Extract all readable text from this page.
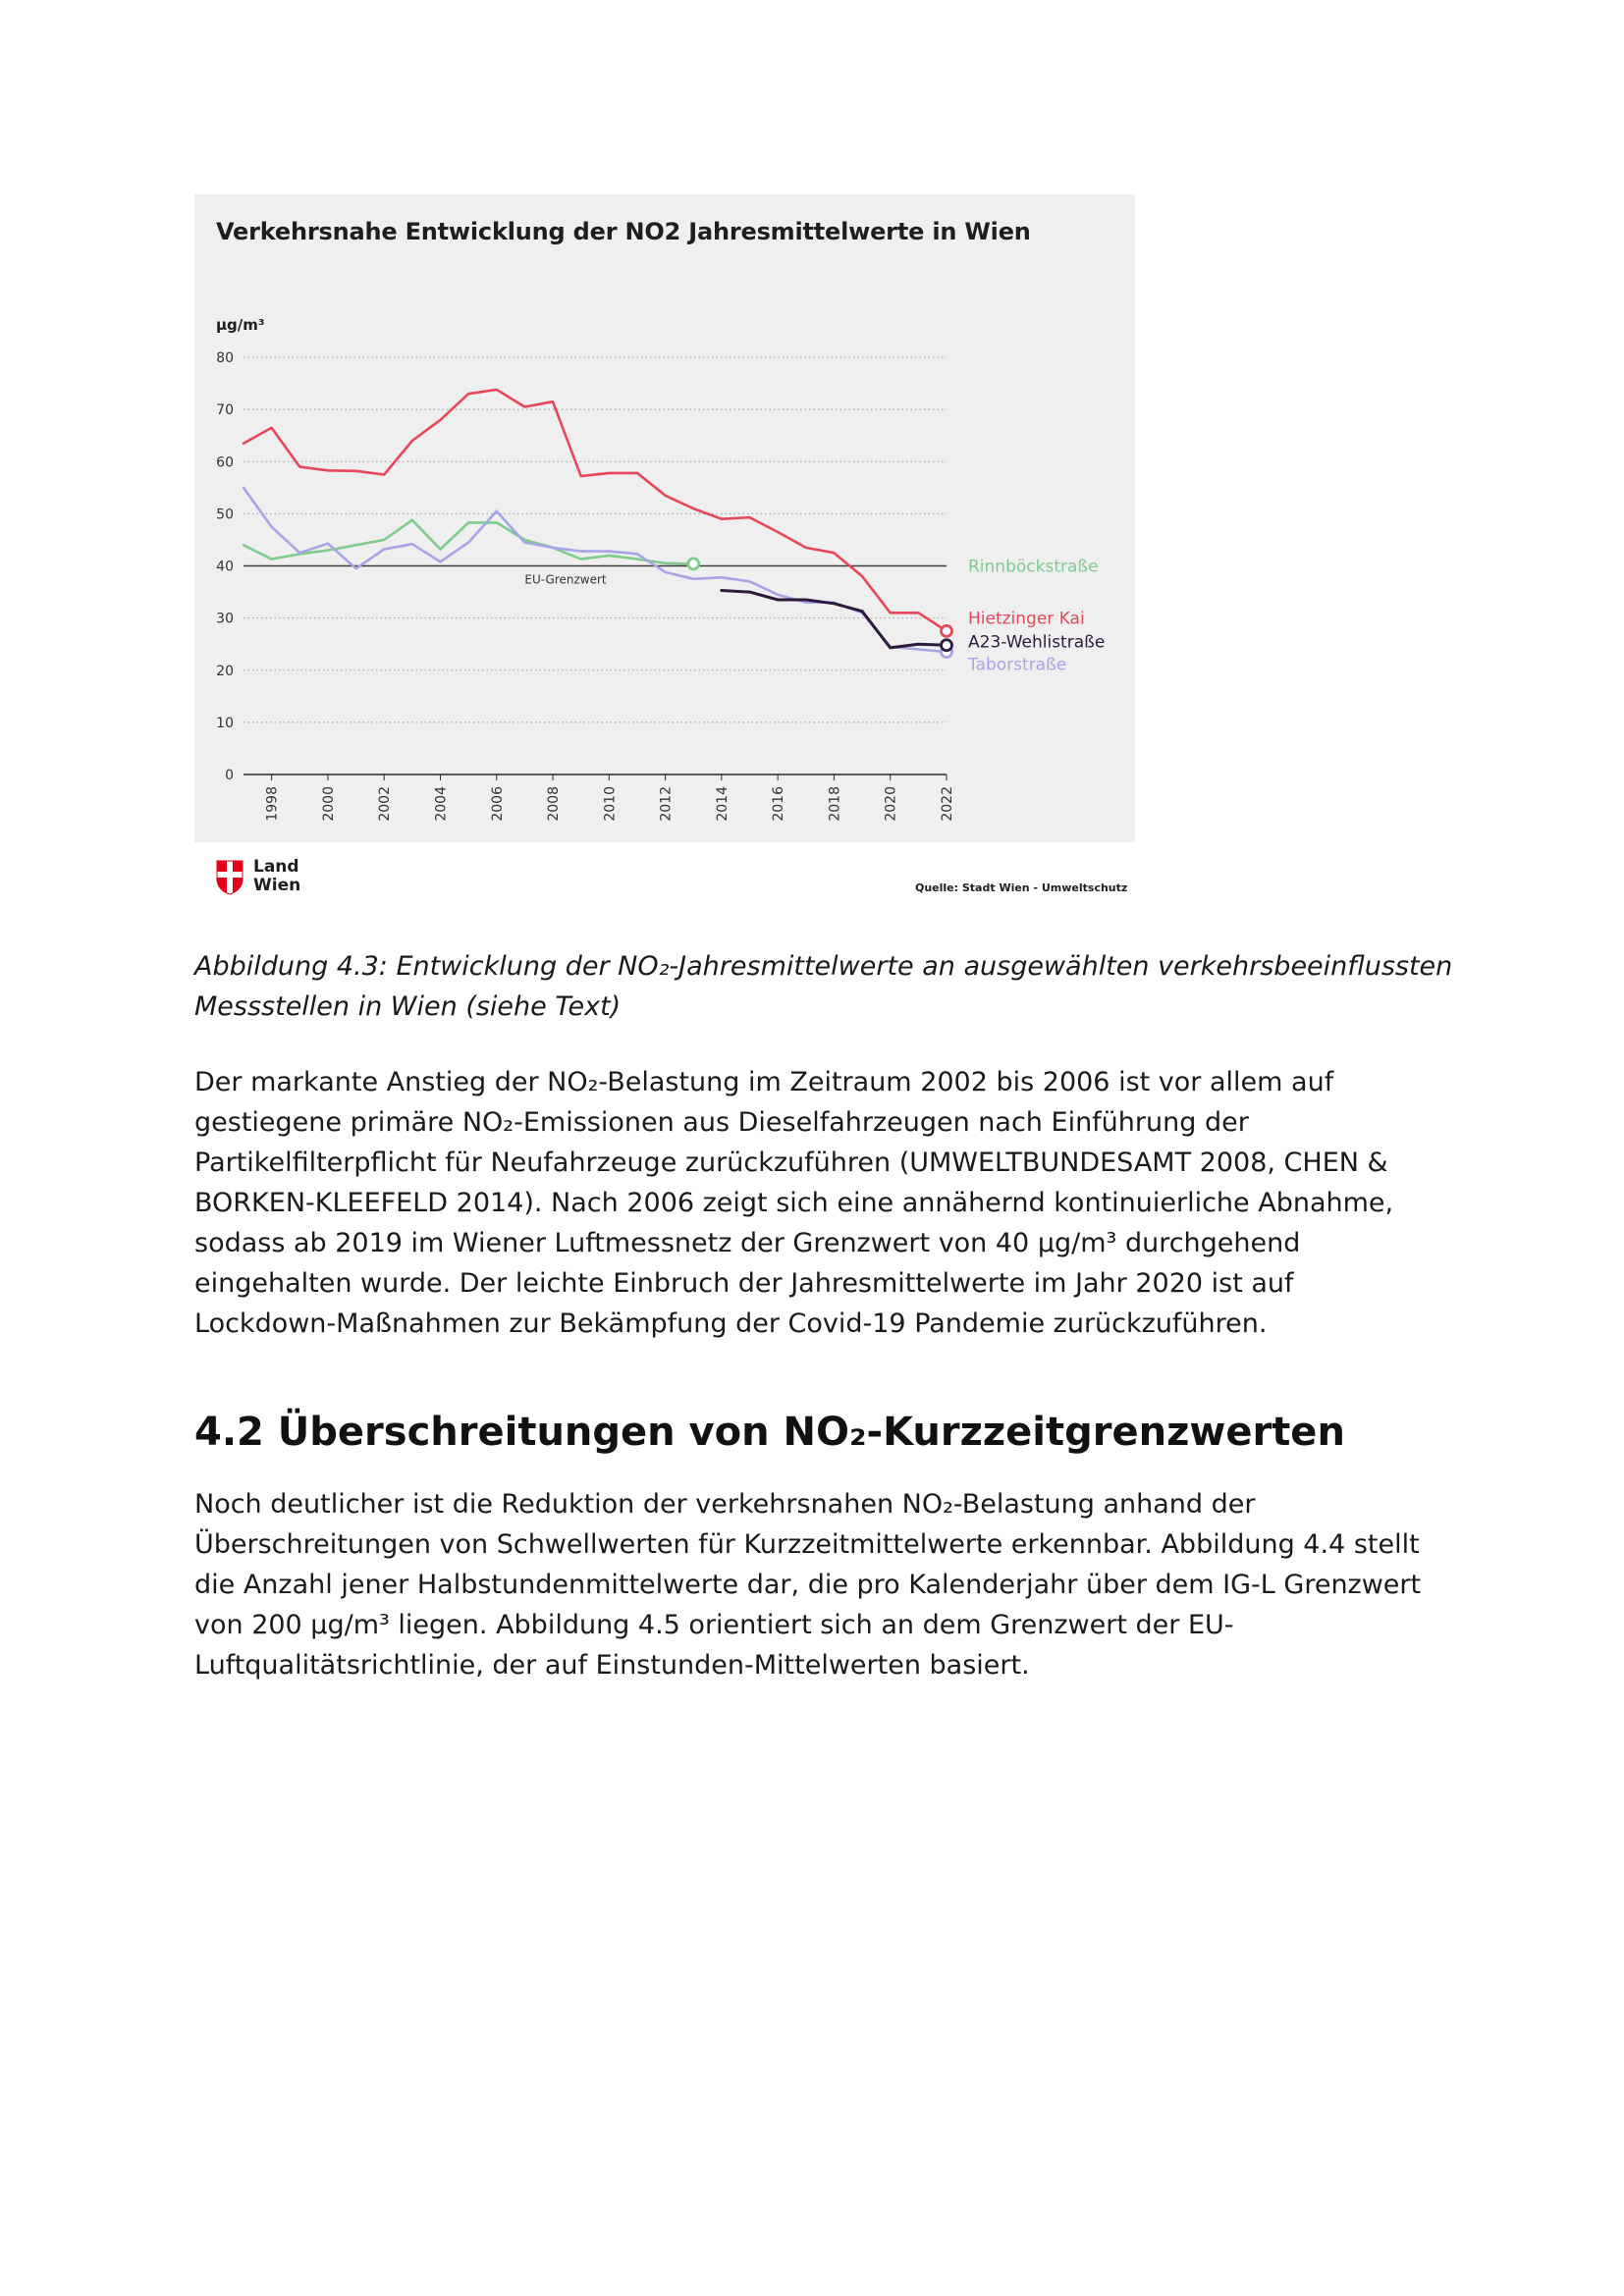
Verkehrsnahe Entwicklung der NO2 Jahresmittelwerte in Wien
µg/m³
0
10
20
30
40
50
60
70
80
EU-Grenzwert
1998	2000	2002	2004	2006	2008	2010	2012	2014	2016	2018	2020	2022
Hietzinger Kai
Rinnböckstraße
Taborstraße
A23-Wehlistraße
Land
Wien	Quelle: Stadt Wien - Umweltschutz
Abbildung 4.3: Entwicklung der NO₂-Jahresmittelwerte an ausgewählten verkehrsbeeinflussten
Messstellen in Wien (siehe Text)
Der markante Anstieg der NO₂-Belastung im Zeitraum 2002 bis 2006 ist vor allem auf
gestiegene primäre NO₂-Emissionen aus Dieselfahrzeugen nach Einführung der
Partikelfilterpflicht für Neufahrzeuge zurückzuführen (UMWELTBUNDESAMT 2008, CHEN &
BORKEN-KLEEFELD 2014). Nach 2006 zeigt sich eine annähernd kontinuierliche Abnahme,
sodass ab 2019 im Wiener Luftmessnetz der Grenzwert von 40 µg/m³ durchgehend
eingehalten wurde. Der leichte Einbruch der Jahresmittelwerte im Jahr 2020 ist auf
Lockdown-Maßnahmen zur Bekämpfung der Covid-19 Pandemie zurückzuführen.
4.2 Überschreitungen von NO₂-Kurzzeitgrenzwerten
Noch deutlicher ist die Reduktion der verkehrsnahen NO₂-Belastung anhand der
Überschreitungen von Schwellwerten für Kurzzeitmittelwerte erkennbar. Abbildung 4.4 stellt
die Anzahl jener Halbstundenmittelwerte dar, die pro Kalenderjahr über dem IG-L Grenzwert
von 200 µg/m³ liegen. Abbildung 4.5 orientiert sich an dem Grenzwert der EU-
Luftqualitätsrichtlinie, der auf Einstunden-Mittelwerten basiert.
